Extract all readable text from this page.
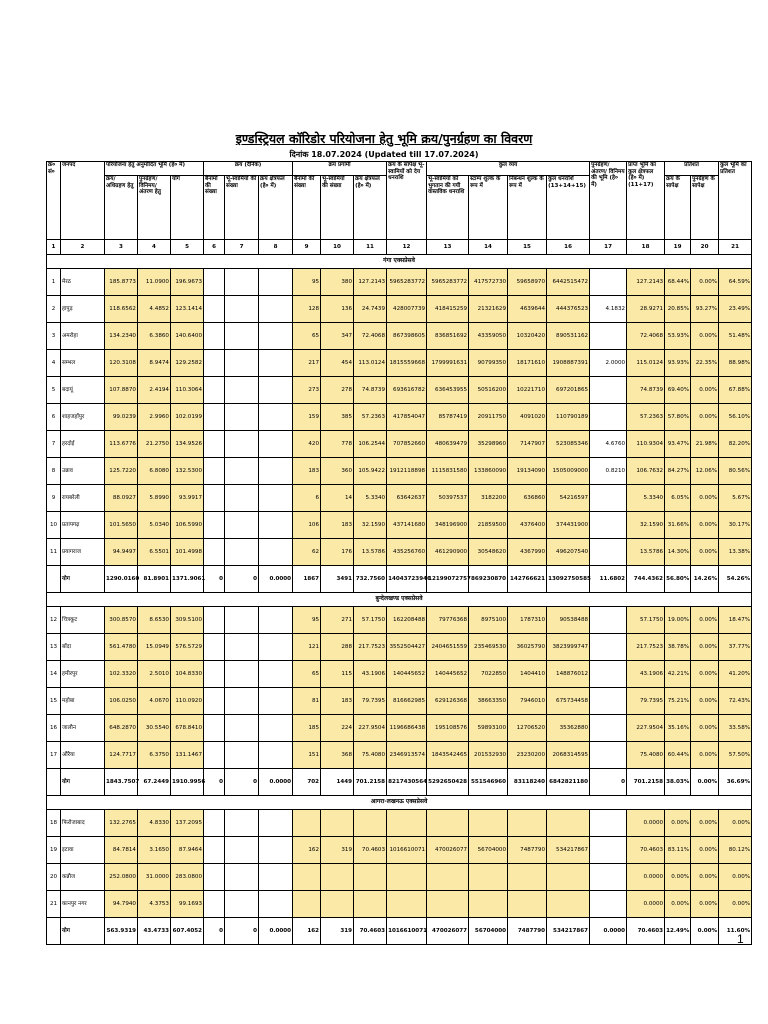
इण्डस्ट्रियल कॉरिडोर परियोजना हेतु भूमि क्रय/पुनर्ग्रहण का विवरण
दिनांक 18.07.2024 (Updated till 17.07.2024)
क्र० सं०	जनपद	परियोजना हेतु अनुमोदित भूमि (हे० में)			क्रय (दैनिक)			क्रय प्रगामी			क्रय के सापेक्ष भू-स्वामियों को देय धनराशि	कुल व्यय				पुनर्ग्रहण/ अंतरण/ विनिमय की भूमि (हे० में)	प्राप्त भूमि का कुल क्षेत्रफल (हे० में) (11+17)	प्रतिशत		कुल भूमि का प्रतिशत
		क्रय/ अधिग्रहण हेतु	पुनर्ग्रहण/ विनिमय/ अंतरण हेतु	योग	बैनामों की संख्या	भू-स्वामियों की संख्या	क्रय क्षेत्रफल (हे० में)	बैनामों की संख्या	भू-स्वामियों की संख्या	क्रय क्षेत्रफल (हे० में)		भू-स्वामियों को भुगतान की गयी वास्तविक धनराशि	स्टाम्प शुल्क के रूप में	निबन्धन शुल्क के रूप में	कुल धनराशि (13+14+15)			क्रय के सापेक्ष	पुनर्ग्रहण के सापेक्ष	
1	2	3	4	5	6	7	8	9	10	11	12	13	14	15	16	17	18	19	20	21
गंगा एक्सप्रेसवे																				
1	मेरठ	185.8773	11.0900	196.9673				95	380	127.2143	5965283772	5965283772	417572730	59658970	6442515472		127.2143	68.44%	0.00%	64.59%
2	हापुड़	118.6562	4.4852	123.1414				128	136	24.7439	428007739	418415259	21321629	4639644	444376523	4.1832	28.9271	20.85%	93.27%	23.49%
3	अमरोहा	134.2340	6.3860	140.6400				65	347	72.4068	867398605	836851692	43359050	10320420	890531162		72.4068	53.93%	0.00%	51.48%
4	सम्भल	120.3108	8.9474	129.2582				217	454	113.0124	1815559668	1799991631	90799350	18171610	1908887391	2.0000	115.0124	93.93%	22.35%	88.98%
5	बदायूं	107.8870	2.4194	110.3064				273	278	74.8739	693616782	636453955	50516200	10221710	697201865		74.8739	69.40%	0.00%	67.88%
6	शाहजहाँपुर	99.0239	2.9960	102.0199				159	385	57.2363	417854047	85787419	20911750	4091020	110790189		57.2363	57.80%	0.00%	56.10%
7	हरदोई	113.6776	21.2750	134.9526				420	778	106.2544	707852660	480639479	35298960	7147907	523085346	4.6760	110.9304	93.47%	21.98%	82.20%
8	उन्नाव	125.7220	6.8080	132.5300				183	360	105.9422	1912118898	1115831580	133860090	19134090	1505009000	0.8210	106.7632	84.27%	12.06%	80.56%
9	रायबरेली	88.0927	5.8990	93.9917				6	14	5.3340	63642637	50397537	3182200	636860	54216597		5.3340	6.05%	0.00%	5.67%
10	प्रतापगढ़	101.5650	5.0340	106.5990				106	183	32.1590	437141680	348196900	21859500	4376400	374431900		32.1590	31.66%	0.00%	30.17%
11	प्रयागराज	94.9497	6.5501	101.4998				62	176	13.5786	435256760	461290900	30548620	4367990	496207540		13.5786	14.30%	0.00%	13.38%
	योग	1290.0160	81.8901	1371.9061	0	0	0.0000	1867	3491	732.7560	14043723946	12199072757	869230870	142766621	13092750585	11.6802	744.4362	56.80%	14.26%	54.26%
बुन्देलखण्ड एक्सप्रेसवे																				
12	चित्रकूट	300.8570	8.6530	309.5100				95	271	57.1750	162208488	79776368	8975100	1787310	90538488		57.1750	19.00%	0.00%	18.47%
13	बाँदा	561.4780	15.0949	576.5729				121	288	217.7523	3552504427	2404651559	235469530	36025790	3823999747		217.7523	38.78%	0.00%	37.77%
14	हमीरपुर	102.3320	2.5010	104.8330				65	115	43.1906	140445652	140445652	7022850	1404410	148876012		43.1906	42.21%	0.00%	41.20%
15	महोबा	106.0250	4.0670	110.0920				81	183	79.7395	816662985	629126368	38663350	7946010	675734458		79.7395	75.21%	0.00%	72.43%
16	जालौन	648.2870	30.5540	678.8410				185	224	227.9504	1196686438	195108576	59893100	12706520	35362880		227.9504	35.16%	0.00%	33.58%
17	औरैया	124.7717	6.3750	131.1467				151	368	75.4080	2346913574	1843542465	201532930	23230200	2068314595		75.4080	60.44%	0.00%	57.50%
	योग	1843.7507	67.2449	1910.9956	0	0	0.0000	702	1449	701.2158	8217430564	5292650428	551546960	83118240	6842821180	0	701.2158	38.03%	0.00%	36.69%
आगरा-लखनऊ एक्सप्रेसवे																				
18	फिरोजाबाद	132.2765	4.8330	137.2095													0.0000	0.00%	0.00%	0.00%
19	इटावा	84.7814	3.1650	87.9464				162	319	70.4603	1016610071	470026077	56704000	7487790	534217867		70.4603	83.11%	0.00%	80.12%
20	कन्नौज	252.0800	31.0000	283.0800													0.0000	0.00%	0.00%	0.00%
21	कानपुर नगर	94.7940	4.3753	99.1693													0.0000	0.00%	0.00%	0.00%
	योग	563.9319	43.4733	607.4052	0	0	0.0000	162	319	70.4603	1016610071	470026077	56704000	7487790	534217867	0.0000	70.4603	12.49%	0.00%	11.60%
1
